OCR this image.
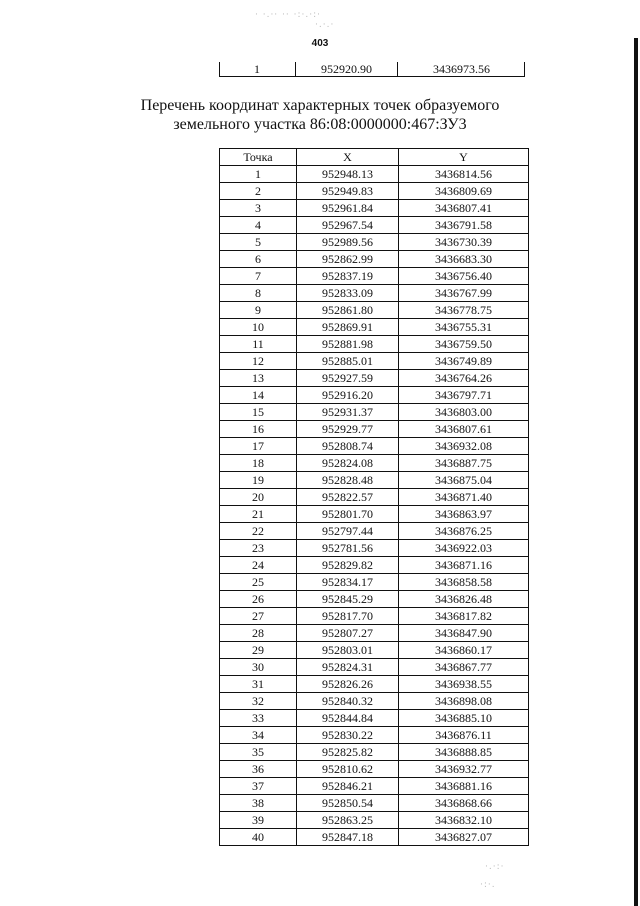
· ·.·· ·· ·:·.·:·
·.·.·
·.·:·
·:·.
403
1	952920.90	3436973.56
Перечень координат характерных точек образуемого
земельного участка 86:08:0000000:467:ЗУ3
Точка	X	Y
1	952948.13	3436814.56
2	952949.83	3436809.69
3	952961.84	3436807.41
4	952967.54	3436791.58
5	952989.56	3436730.39
6	952862.99	3436683.30
7	952837.19	3436756.40
8	952833.09	3436767.99
9	952861.80	3436778.75
10	952869.91	3436755.31
11	952881.98	3436759.50
12	952885.01	3436749.89
13	952927.59	3436764.26
14	952916.20	3436797.71
15	952931.37	3436803.00
16	952929.77	3436807.61
17	952808.74	3436932.08
18	952824.08	3436887.75
19	952828.48	3436875.04
20	952822.57	3436871.40
21	952801.70	3436863.97
22	952797.44	3436876.25
23	952781.56	3436922.03
24	952829.82	3436871.16
25	952834.17	3436858.58
26	952845.29	3436826.48
27	952817.70	3436817.82
28	952807.27	3436847.90
29	952803.01	3436860.17
30	952824.31	3436867.77
31	952826.26	3436938.55
32	952840.32	3436898.08
33	952844.84	3436885.10
34	952830.22	3436876.11
35	952825.82	3436888.85
36	952810.62	3436932.77
37	952846.21	3436881.16
38	952850.54	3436868.66
39	952863.25	3436832.10
40	952847.18	3436827.07
